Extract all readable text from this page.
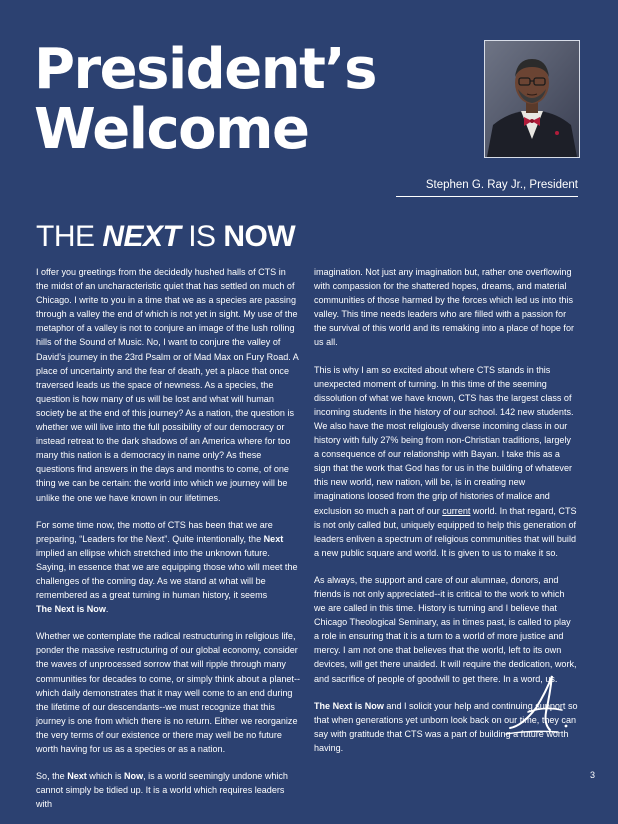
President’s
Welcome
Stephen G. Ray Jr., President
THE NEXT IS NOW

I offer you greetings from the decidedly hushed halls of CTS in the midst of an uncharacteristic quiet that has settled on much of Chicago. I write to you in a time that we as a species are passing through a valley the end of which is not yet in sight. My use of the metaphor of a valley is not to conjure an image of the lush rolling hills of the Sound of Music. No, I want to conjure the valley of David’s journey in the 23rd Psalm or of Mad Max on Fury Road. A place of uncertainty and the fear of death, yet a place that once traversed leads us the space of newness. As a species, the question is how many of us will be lost and what will human society be at the end of this journey? As a nation, the question is whether we will live into the full possibility of our democracy or instead retreat to the dark shadows of an America where for too many this nation is a democracy in name only? As these questions find answers in the days and months to come, of one thing we can be certain: the world into which we journey will be unlike the one we have known in our lifetimes.

For some time now, the motto of CTS has been that we are preparing, “Leaders for the Next”. Quite intentionally, the Next implied an ellipse which stretched into the unknown future. Saying, in essence that we are equipping those who will meet the challenges of the coming day. As we stand at what will be remembered as a great turning in human history, it seems
The Next is Now.

Whether we contemplate the radical restructuring in religious life, ponder the massive restructuring of our global economy, consider the waves of unprocessed sorrow that will ripple through many communities for decades to come, or simply think about a planet--which daily demonstrates that it may well come to an end during the lifetime of our descendants--we must recognize that this journey is one from which there is no return. Either we reorganize the very terms of our existence or there may well be no future worth having for us as a species or as a nation.

So, the Next which is Now, is a world seemingly undone which cannot simply be tidied up. It is a world which requires leaders with

imagination. Not just any imagination but, rather one overflowing with compassion for the shattered hopes, dreams, and material communities of those harmed by the forces which led us into this valley. This time needs leaders who are filled with a passion for the survival of this world and its remaking into a place of hope for us all.

This is why I am so excited about where CTS stands in this unexpected moment of turning. In this time of the seeming dissolution of what we have known, CTS has the largest class of incoming students in the history of our school. 142 new students. We also have the most religiously diverse incoming class in our history with fully 27% being from non-Christian traditions, largely a consequence of our relationship with Bayan. I take this as a sign that the work that God has for us in the building of whatever this new world, new nation, will be, is in creating new imaginations loosed from the grip of histories of malice and exclusion so much a part of our current world. In that regard, CTS is not only called but, uniquely equipped to help this generation of leaders enliven a spectrum of religious communities that will build a new public square and world. It is given to us to make it so.

As always, the support and care of our alumnae, donors, and friends is not only appreciated--it is critical to the work to which we are called in this time. History is turning and I believe that Chicago Theological Seminary, as in times past, is called to play a role in ensuring that it is a turn to a world of more justice and mercy. I am not one that believes that the world, left to its own devices, will get there unaided. It will require the dedication, work, and sacrifice of people of goodwill to get there. In a word, us.

The Next is Now and I solicit your help and continuing support so that when generations yet unborn look back on our time, they can say with gratitude that CTS was a part of building a future worth having.

3
